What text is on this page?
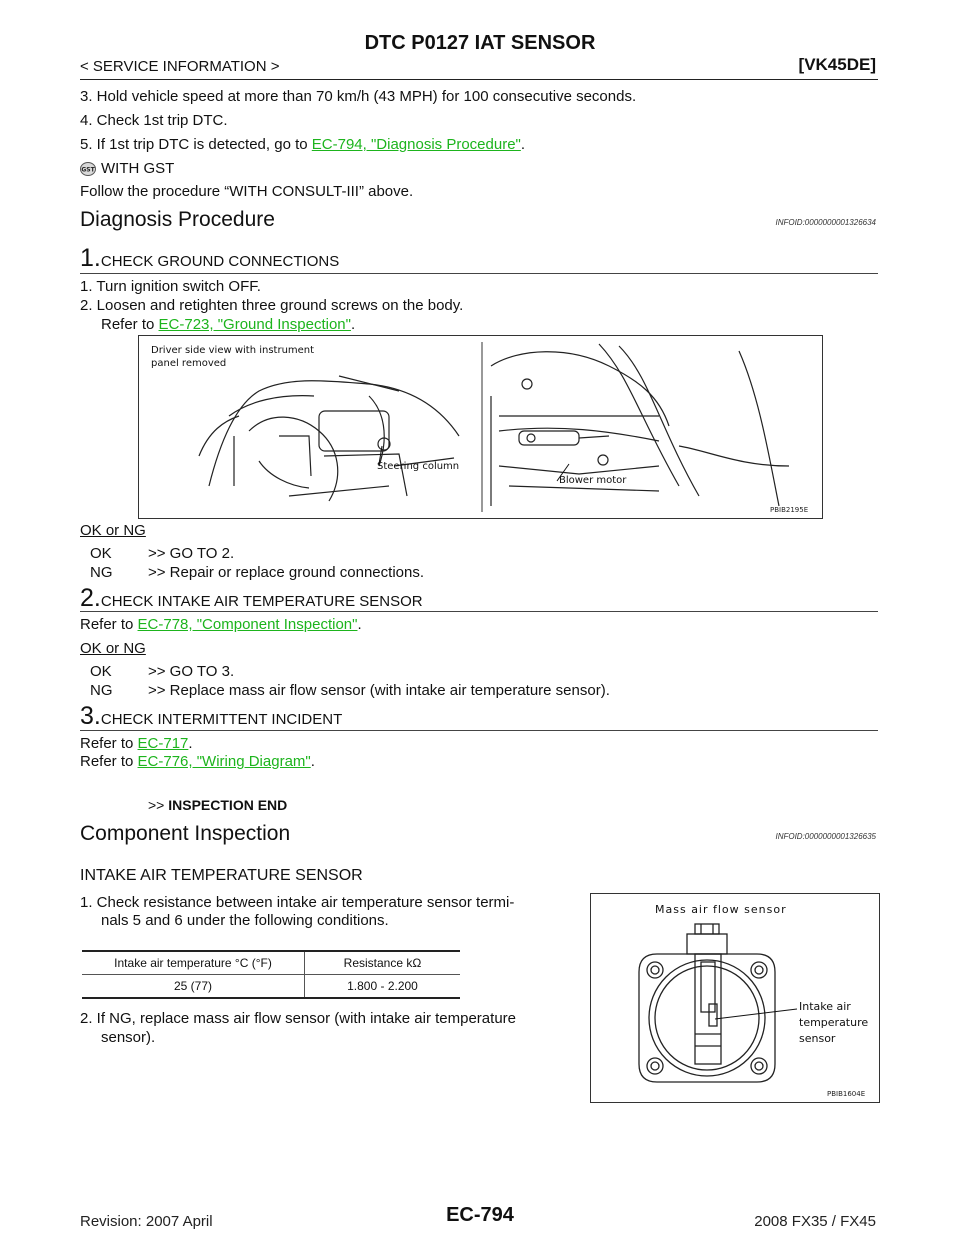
DTC P0127 IAT SENSOR
< SERVICE INFORMATION >	[VK45DE]
3. Hold vehicle speed at more than 70 km/h (43 MPH) for 100 consecutive seconds.
4. Check 1st trip DTC.
5. If 1st trip DTC is detected, go to EC-794, "Diagnosis Procedure".
GST WITH GST
Follow the procedure “WITH CONSULT-III” above.
Diagnosis Procedure	INFOID:0000000001326634
1.CHECK GROUND CONNECTIONS
1. Turn ignition switch OFF.
2. Loosen and retighten three ground screws on the body.
Refer to EC-723, "Ground Inspection".
Driver side view with instrument
panel removed
Steering column
Blower motor
PBIB2195E
OK or NG
OK >> GO TO 2.
NG >> Repair or replace ground connections.
2.CHECK INTAKE AIR TEMPERATURE SENSOR
Refer to EC-778, "Component Inspection".
OK or NG
OK >> GO TO 3.
NG >> Replace mass air flow sensor (with intake air temperature sensor).
3.CHECK INTERMITTENT INCIDENT
Refer to EC-717.
Refer to EC-776, "Wiring Diagram".
>> INSPECTION END
Component Inspection	INFOID:0000000001326635
INTAKE AIR TEMPERATURE SENSOR
1. Check resistance between intake air temperature sensor termi-
nals 5 and 6 under the following conditions.
Intake air temperature °C (°F)	Resistance kΩ
25 (77)	1.800 - 2.200
2. If NG, replace mass air flow sensor (with intake air temperature
sensor).
Mass air flow sensor
Intake air
temperature
sensor
PBIB1604E
Revision: 2007 April	EC-794	2008 FX35 / FX45
